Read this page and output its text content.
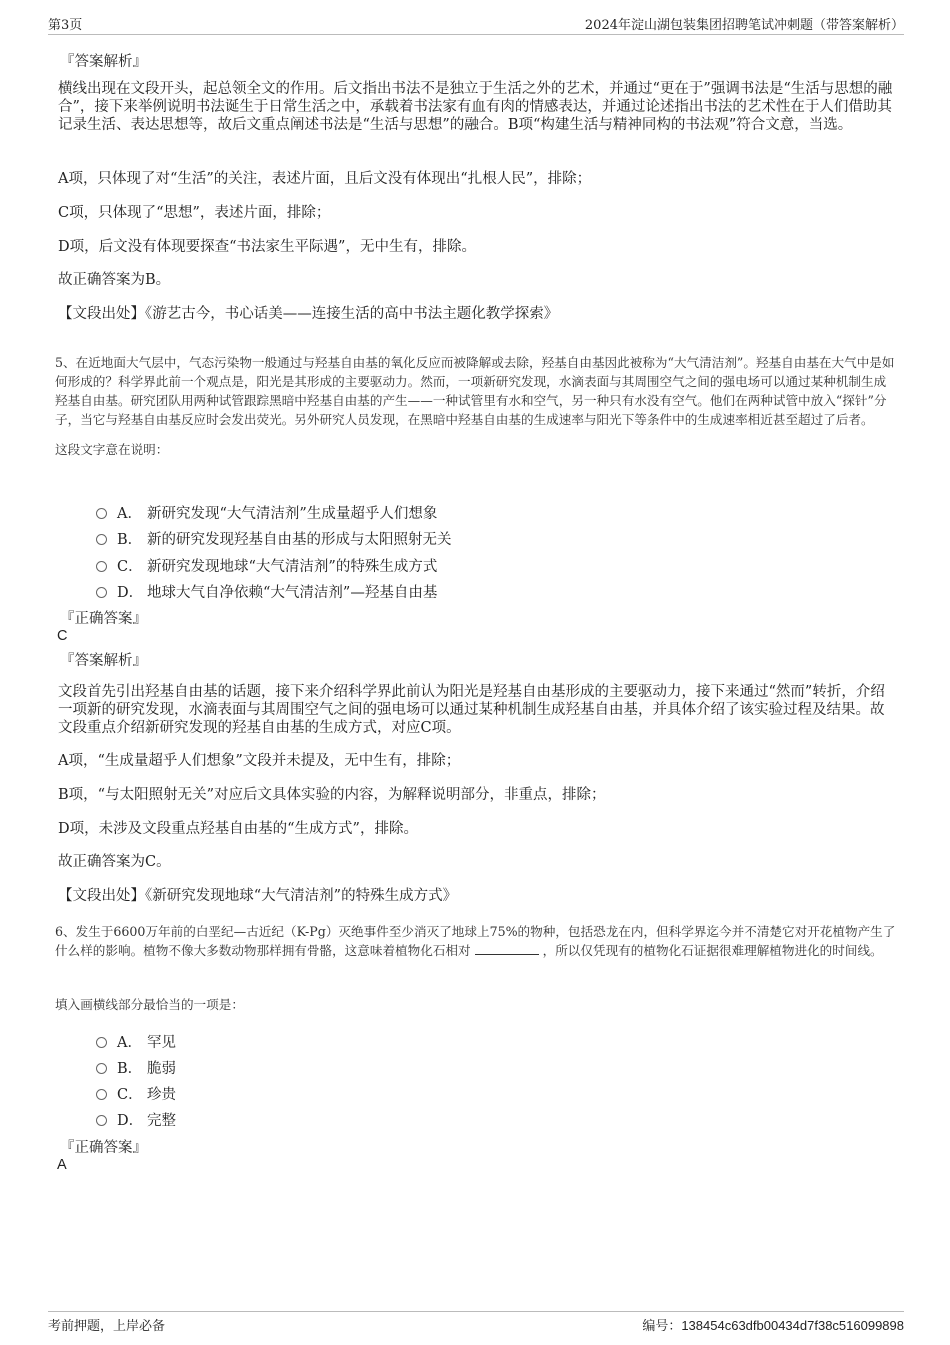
第3页	2024年淀山湖包装集团招聘笔试冲刺题（带答案解析）
『答案解析』
横线出现在文段开头，起总领全文的作用。后文指出书法不是独立于生活之外的艺术，并通过“更在于”强调书法是“生活与思想的融合”，接下来举例说明书法诞生于日常生活之中，承载着书法家有血有肉的情感表达，并通过论述指出书法的艺术性在于人们借助其记录生活、表达思想等，故后文重点阐述书法是“生活与思想”的融合。B项“构建生活与精神同构的书法观”符合文意，当选。
A项，只体现了对“生活”的关注，表述片面，且后文没有体现出“扎根人民”，排除；
C项，只体现了“思想”，表述片面，排除；
D项，后文没有体现要探查“书法家生平际遇”，无中生有，排除。
故正确答案为B。
【文段出处】《游艺古今，书心话美——连接生活的高中书法主题化教学探索》
5、在近地面大气层中，气态污染物一般通过与羟基自由基的氧化反应而被降解或去除，羟基自由基因此被称为“大气清洁剂”。羟基自由基在大气中是如何形成的？科学界此前一个观点是，阳光是其形成的主要驱动力。然而，一项新研究发现，水滴表面与其周围空气之间的强电场可以通过某种机制生成羟基自由基。研究团队用两种试管跟踪黑暗中羟基自由基的产生——一种试管里有水和空气，另一种只有水没有空气。他们在两种试管中放入“探针”分子，当它与羟基自由基反应时会发出荧光。另外研究人员发现，在黑暗中羟基自由基的生成速率与阳光下等条件中的生成速率相近甚至超过了后者。
这段文字意在说明：
A． 新研究发现“大气清洁剂”生成量超乎人们想象
B． 新的研究发现羟基自由基的形成与太阳照射无关
C． 新研究发现地球“大气清洁剂”的特殊生成方式
D． 地球大气自净依赖“大气清洁剂”—羟基自由基
『正确答案』
C
『答案解析』
文段首先引出羟基自由基的话题，接下来介绍科学界此前认为阳光是羟基自由基形成的主要驱动力，接下来通过“然而”转折，介绍一项新的研究发现，水滴表面与其周围空气之间的强电场可以通过某种机制生成羟基自由基，并具体介绍了该实验过程及结果。故文段重点介绍新研究发现的羟基自由基的生成方式，对应C项。
A项，“生成量超乎人们想象”文段并未提及，无中生有，排除；
B项，“与太阳照射无关”对应后文具体实验的内容，为解释说明部分，非重点，排除；
D项，未涉及文段重点羟基自由基的“生成方式”，排除。
故正确答案为C。
【文段出处】《新研究发现地球“大气清洁剂”的特殊生成方式》
6、发生于6600万年前的白垩纪—古近纪（K-Pg）灭绝事件至少消灭了地球上75%的物种，包括恐龙在内，但科学界迄今并不清楚它对开花植物产生了什么样的影响。植物不像大多数动物那样拥有骨骼，这意味着植物化石相对	，所以仅凭现有的植物化石证据很难理解植物进化的时间线。
填入画横线部分最恰当的一项是：
A． 罕见
B． 脆弱
C． 珍贵
D． 完整
『正确答案』
A
考前押题，上岸必备	编号：138454c63dfb00434d7f38c516099898
